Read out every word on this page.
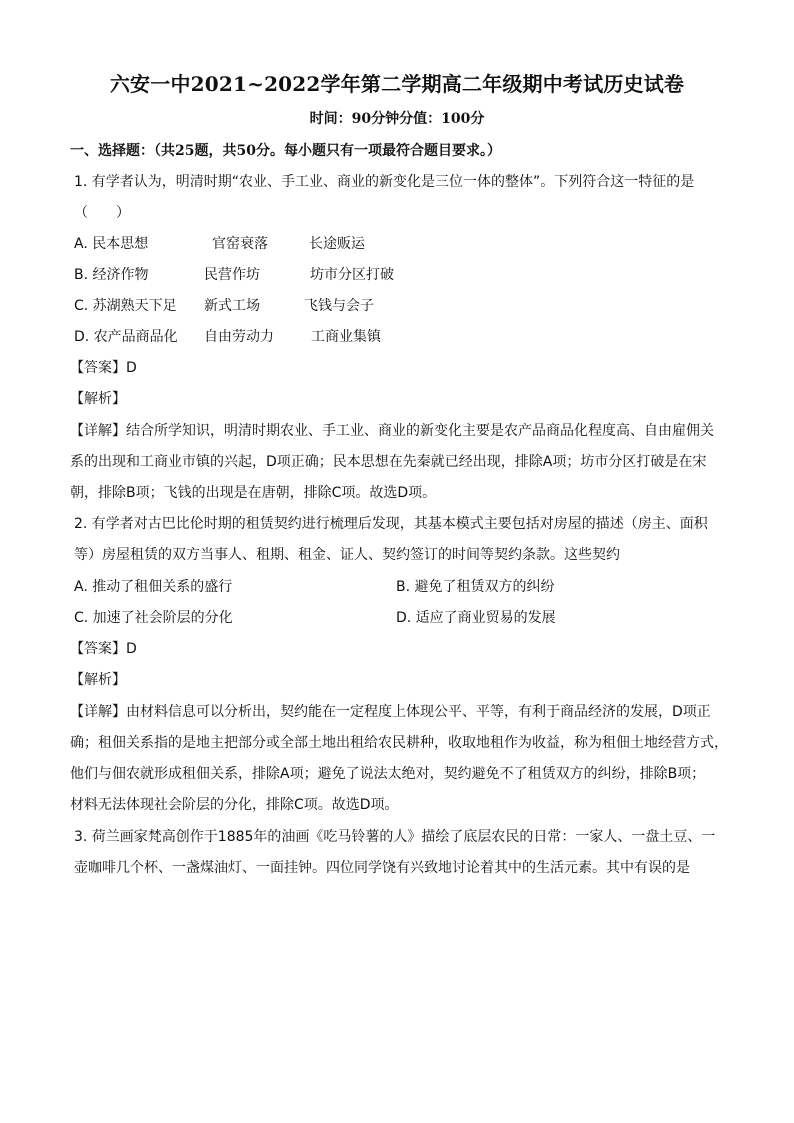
六安一中2021~2022学年第二学期高二年级期中考试历史试卷
时间：90分钟分值：100分
一、选择题：（共25题，共50分。每小题只有一项最符合题目要求。）
1. 有学者认为，明清时期“农业、手工业、商业的新变化是三位一体的整体”。下列符合这一特征的是
（　　）
A. 民本思想	官窑衰落	长途贩运
B. 经济作物	民营作坊	坊市分区打破
C. 苏湖熟天下足 新式工场	飞钱与会子
D. 农产品商品化 自由劳动力	工商业集镇
【答案】D
【解析】
【详解】结合所学知识，明清时期农业、手工业、商业的新变化主要是农产品商品化程度高、自由雇佣关
系的出现和工商业市镇的兴起，D项正确；民本思想在先秦就已经出现，排除A项；坊市分区打破是在宋
朝，排除B项；飞钱的出现是在唐朝，排除C项。故选D项。
2. 有学者对古巴比伦时期的租赁契约进行梳理后发现，其基本模式主要包括对房屋的描述（房主、面积
等）房屋租赁的双方当事人、租期、租金、证人、契约签订的时间等契约条款。这些契约
A. 推动了租佃关系的盛行	B. 避免了租赁双方的纠纷
C. 加速了社会阶层的分化	D. 适应了商业贸易的发展
【答案】D
【解析】
【详解】由材料信息可以分析出，契约能在一定程度上体现公平、平等，有利于商品经济的发展，D项正
确；租佃关系指的是地主把部分或全部土地出租给农民耕种，收取地租作为收益，称为租佃土地经营方式，
他们与佃农就形成租佃关系，排除A项；避免了说法太绝对，契约避免不了租赁双方的纠纷，排除B项；
材料无法体现社会阶层的分化，排除C项。故选D项。
3. 荷兰画家梵高创作于1885年的油画《吃马铃薯的人》描绘了底层农民的日常：一家人、一盘土豆、一
壶咖啡几个杯、一盏煤油灯、一面挂钟。四位同学饶有兴致地讨论着其中的生活元素。其中有误的是
